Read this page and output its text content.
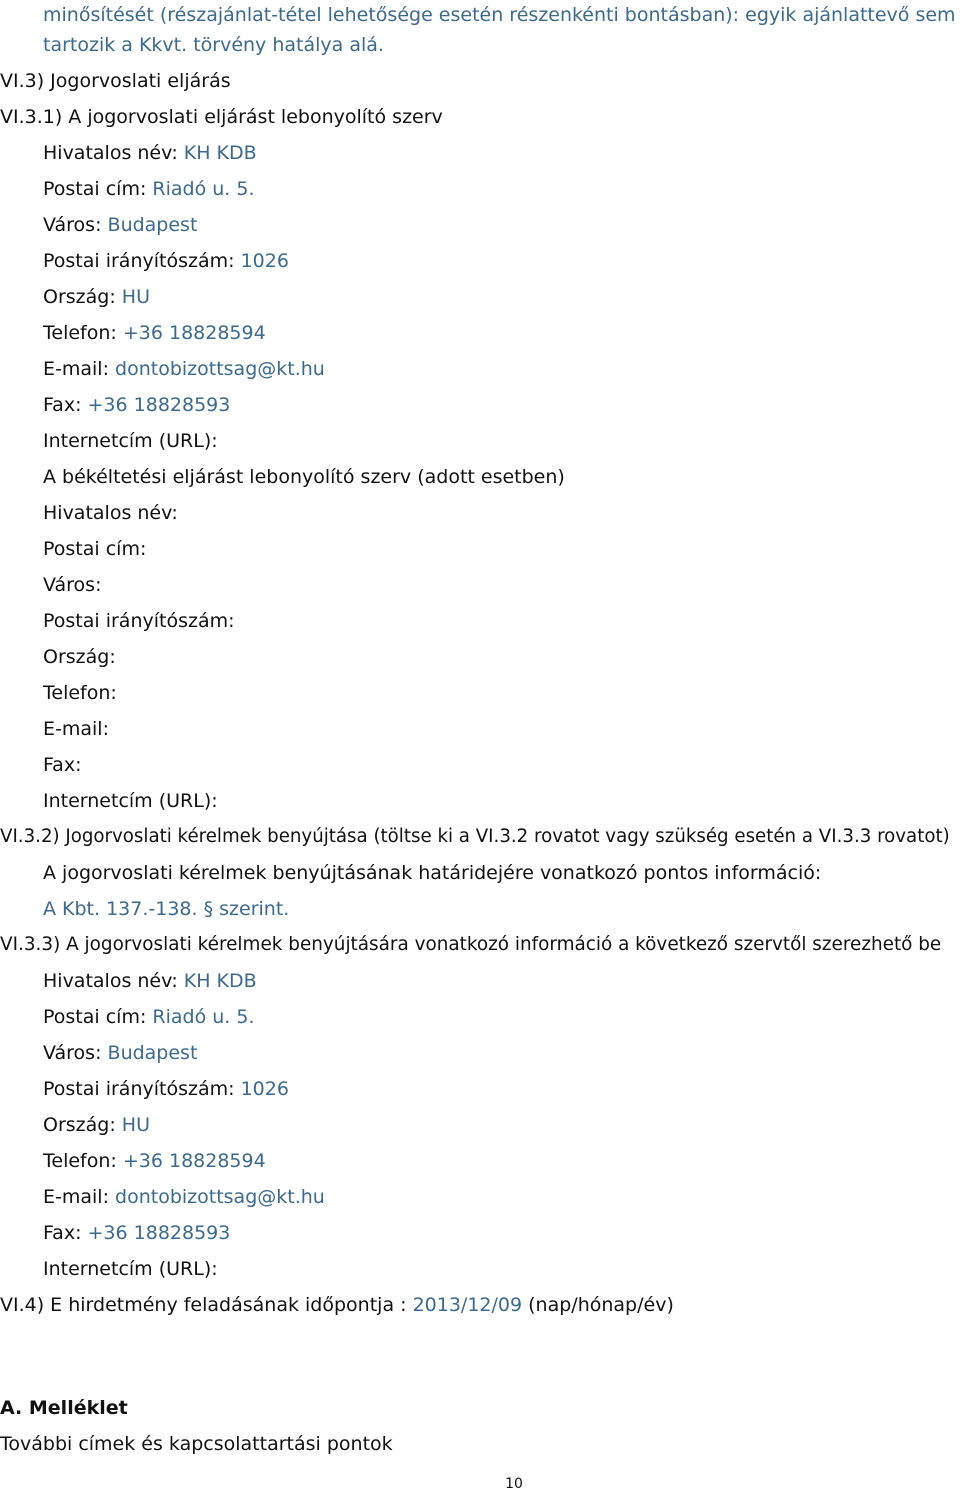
minősítését (részajánlat-tétel lehetősége esetén részenkénti bontásban): egyik ajánlattevő sem
tartozik a Kkvt. törvény hatálya alá.
VI.3) Jogorvoslati eljárás
VI.3.1) A jogorvoslati eljárást lebonyolító szerv
Hivatalos név: KH KDB
Postai cím: Riadó u. 5.
Város: Budapest
Postai irányítószám: 1026
Ország: HU
Telefon: +36 18828594
E-mail: dontobizottsag@kt.hu
Fax: +36 18828593
Internetcím (URL):
A békéltetési eljárást lebonyolító szerv (adott esetben)
Hivatalos név:
Postai cím:
Város:
Postai irányítószám:
Ország:
Telefon:
E-mail:
Fax:
Internetcím (URL):
VI.3.2) Jogorvoslati kérelmek benyújtása (töltse ki a VI.3.2 rovatot vagy szükség esetén a VI.3.3 rovatot)
A jogorvoslati kérelmek benyújtásának határidejére vonatkozó pontos információ:
A Kbt. 137.-138. § szerint.
VI.3.3) A jogorvoslati kérelmek benyújtására vonatkozó információ a következő szervtől szerezhető be
Hivatalos név: KH KDB
Postai cím: Riadó u. 5.
Város: Budapest
Postai irányítószám: 1026
Ország: HU
Telefon: +36 18828594
E-mail: dontobizottsag@kt.hu
Fax: +36 18828593
Internetcím (URL):
VI.4) E hirdetmény feladásának időpontja : 2013/12/09 (nap/hónap/év)
A. Melléklet
További címek és kapcsolattartási pontok
10
